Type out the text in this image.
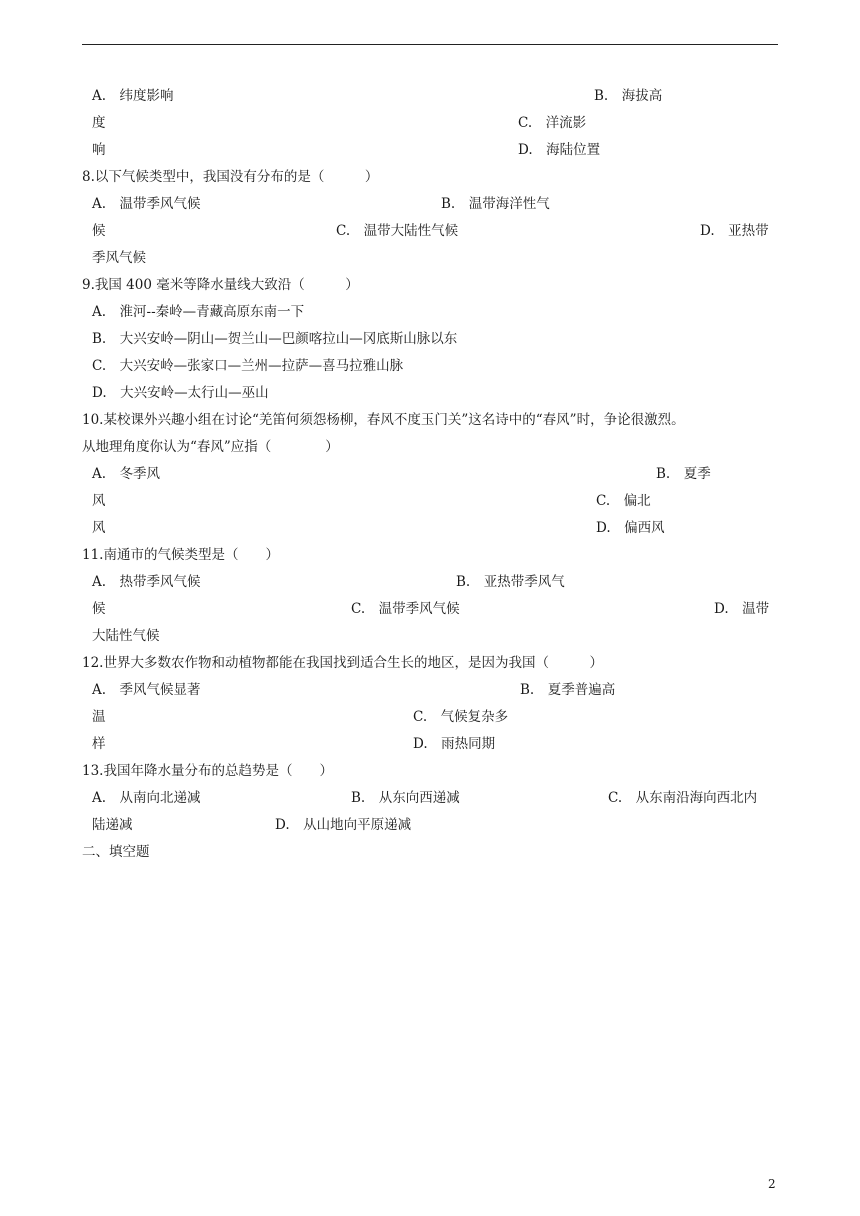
A.　纬度影响	B.　海拔高
度	C.　洋流影
响	D.　海陆位置
8.以下气候类型中，我国没有分布的是（　　　）
A.　温带季风气候	B.　温带海洋性气
候	C.　温带大陆性气候	D.　亚热带
季风气候
9.我国 400 毫米等降水量线大致沿（　　　）
A.　淮河--秦岭—青藏高原东南一下
B.　大兴安岭—阴山—贺兰山—巴颜喀拉山—冈底斯山脉以东
C.　大兴安岭—张家口—兰州—拉萨—喜马拉雅山脉
D.　大兴安岭—太行山—巫山
10.某校课外兴趣小组在讨论“羌笛何须怨杨柳，春风不度玉门关”这名诗中的“春风”时，争论很激烈。
从地理角度你认为“春风”应指（　　　　）
A.　冬季风	B.　夏季
风	C.　偏北
风	D.　偏西风
11.南通市的气候类型是（　　）
A.　热带季风气候	B.　亚热带季风气
候	C.　温带季风气候	D.　温带
大陆性气候
12.世界大多数农作物和动植物都能在我国找到适合生长的地区，是因为我国（　　　）
A.　季风气候显著	B.　夏季普遍高
温	C.　气候复杂多
样	D.　雨热同期
13.我国年降水量分布的总趋势是（　　）
A.　从南向北递减	B.　从东向西递减	C.　从东南沿海向西北内
陆递减	D.　从山地向平原递减
二、填空题
2
